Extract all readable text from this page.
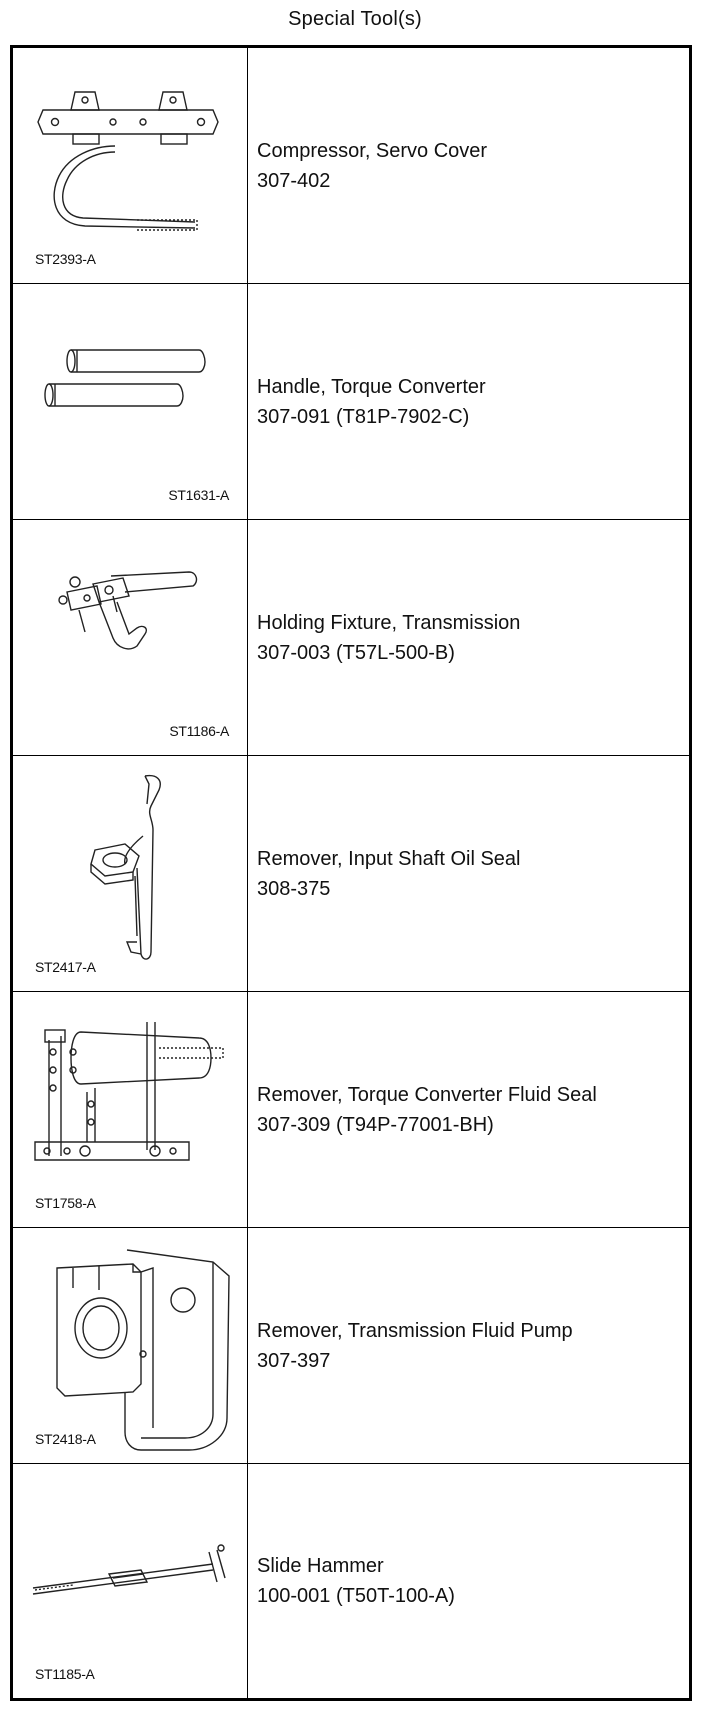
Special Tool(s)
ST2393-A
Compressor, Servo Cover
307-402
ST1631-A
Handle, Torque Converter
307-091 (T81P-7902-C)
ST1186-A
Holding Fixture, Transmission
307-003 (T57L-500-B)
ST2417-A
Remover, Input Shaft Oil Seal
308-375
ST1758-A
Remover, Torque Converter Fluid Seal
307-309 (T94P-77001-BH)
ST2418-A
Remover, Transmission Fluid Pump
307-397
ST1185-A
Slide Hammer
100-001 (T50T-100-A)
